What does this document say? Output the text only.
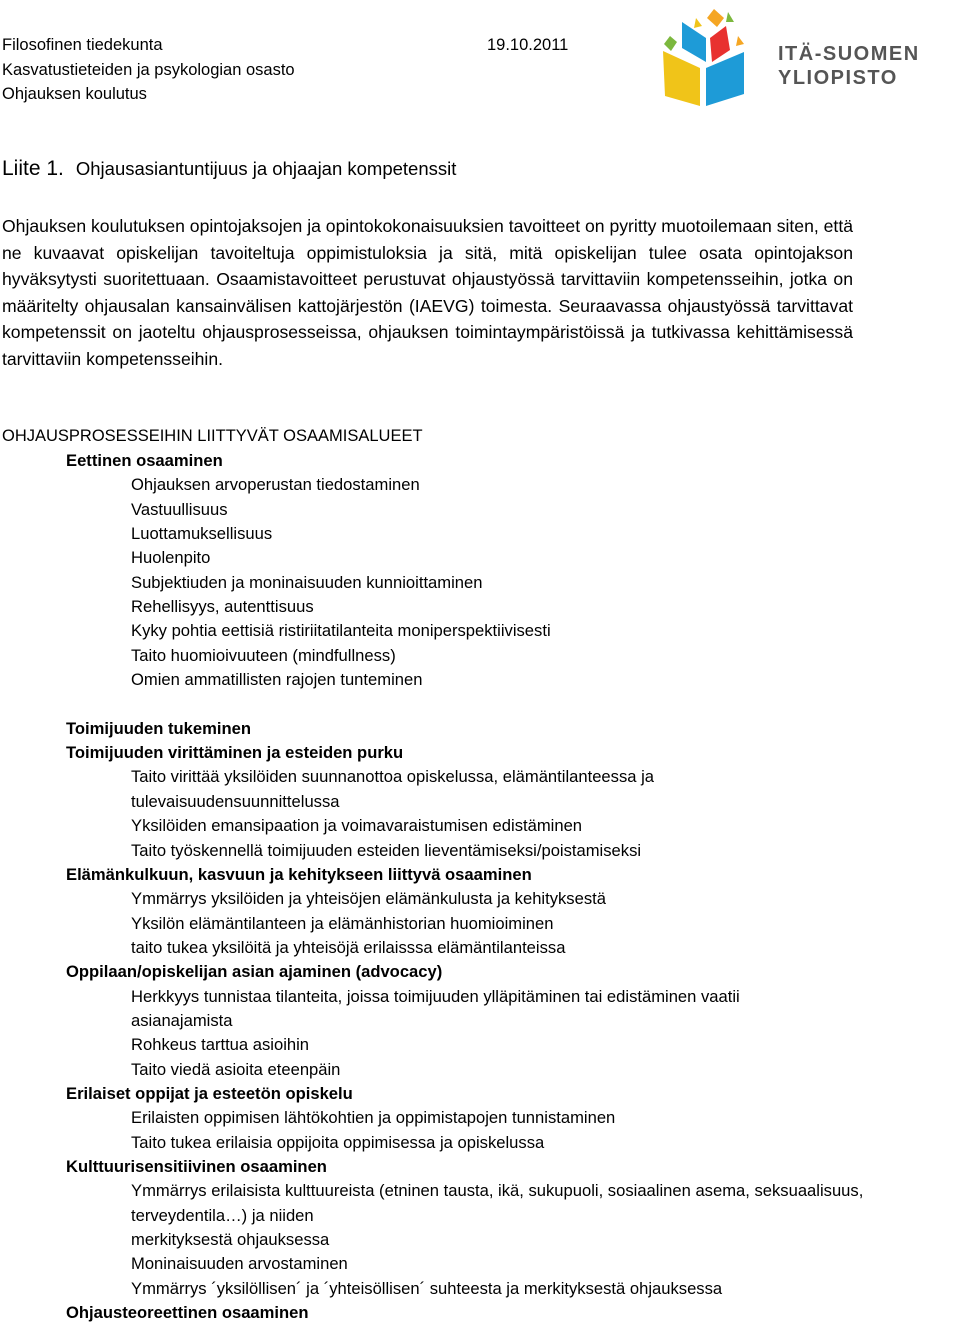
Filosofinen tiedekunta
Kasvatustieteiden ja psykologian osasto
Ohjauksen koulutus
19.10.2011	ITÄ-SUOMEN
YLIOPISTO
Liite 1. Ohjausasiantuntijuus ja ohjaajan kompetenssit
Ohjauksen koulutuksen opintojaksojen ja opintokokonaisuuksien tavoitteet on pyritty muotoilemaan siten, että ne kuvaavat opiskelijan tavoiteltuja oppimistuloksia ja sitä, mitä opiskelijan tulee osata opintojakson hyväksytysti suoritettuaan. Osaamistavoitteet perustuvat ohjaustyössä tarvittaviin kompetensseihin, jotka on määritelty ohjausalan kansainvälisen kattojärjestön (IAEVG) toimesta. Seuraavassa ohjaustyössä tarvittavat kompetenssit on jaoteltu ohjausprosesseissa, ohjauksen toimintaympäristöissä ja tutkivassa kehittämisessä tarvittaviin kompetensseihin.
OHJAUSPROSESSEIHIN LIITTYVÄT OSAAMISALUEET
Eettinen osaaminen
Ohjauksen arvoperustan tiedostaminen
Vastuullisuus
Luottamuksellisuus
Huolenpito
Subjektiuden ja moninaisuuden kunnioittaminen
Rehellisyys, autenttisuus
Kyky pohtia eettisiä ristiriitatilanteita moniperspektiivisesti
Taito huomioivuuteen (mindfullness)
Omien ammatillisten rajojen tunteminen
Toimijuuden tukeminen
Toimijuuden virittäminen ja esteiden purku
Taito virittää yksilöiden suunnanottoa opiskelussa, elämäntilanteessa ja
tulevaisuudensuunnittelussa
Yksilöiden emansipaation ja voimavaraistumisen edistäminen
Taito työskennellä toimijuuden esteiden lieventämiseksi/poistamiseksi
Elämänkulkuun, kasvuun ja kehitykseen liittyvä osaaminen
Ymmärrys yksilöiden ja yhteisöjen elämänkulusta ja kehityksestä
Yksilön elämäntilanteen ja elämänhistorian huomioiminen
taito tukea yksilöitä ja yhteisöjä erilaisssa elämäntilanteissa
Oppilaan/opiskelijan asian ajaminen (advocacy)
Herkkyys tunnistaa tilanteita, joissa toimijuuden ylläpitäminen tai edistäminen vaatii
asianajamista
Rohkeus tarttua asioihin
Taito viedä asioita eteenpäin
Erilaiset oppijat ja esteetön opiskelu
Erilaisten oppimisen lähtökohtien ja oppimistapojen tunnistaminen
Taito tukea erilaisia oppijoita oppimisessa ja opiskelussa
Kulttuurisensitiivinen osaaminen
Ymmärrys erilaisista kulttuureista (etninen tausta, ikä, sukupuoli, sosiaalinen asema, seksuaalisuus,
terveydentila…) ja niiden
merkityksestä ohjauksessa
Moninaisuuden arvostaminen
Ymmärrys ´yksilöllisen´ ja ´yhteisöllisen´ suhteesta ja merkityksestä ohjauksessa
Ohjausteoreettinen osaaminen
